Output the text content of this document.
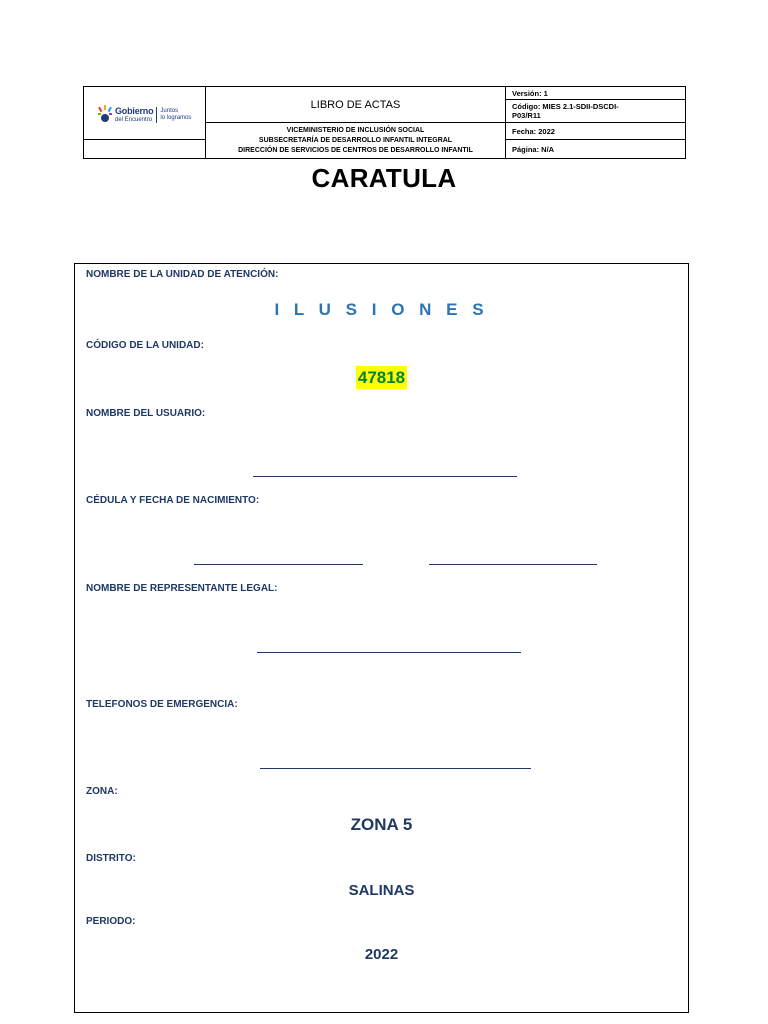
Gobierno
del Encuentro
Juntos
lo logramos	LIBRO DE ACTAS	Versión: 1

		Código: MIES 2.1-SDII-DSCDI-
P03/R11

	VICEMINISTERIO DE INCLUSIÓN SOCIAL
SUBSECRETARÍA DE DESARROLLO INFANTIL INTEGRAL
DIRECCIÓN DE SERVICIOS DE CENTROS DE DESARROLLO INFANTIL	Fecha: 2022
		Página: N/A
CARATULA
NOMBRE DE LA UNIDAD DE ATENCIÓN:
I L U S I O N E S
CÓDIGO DE LA UNIDAD:
47818
NOMBRE DEL USUARIO:
CÉDULA Y FECHA DE NACIMIENTO:
NOMBRE DE REPRESENTANTE LEGAL:
TELEFONOS DE EMERGENCIA:
ZONA:
ZONA 5
DISTRITO:
SALINAS
PERIODO:
2022
